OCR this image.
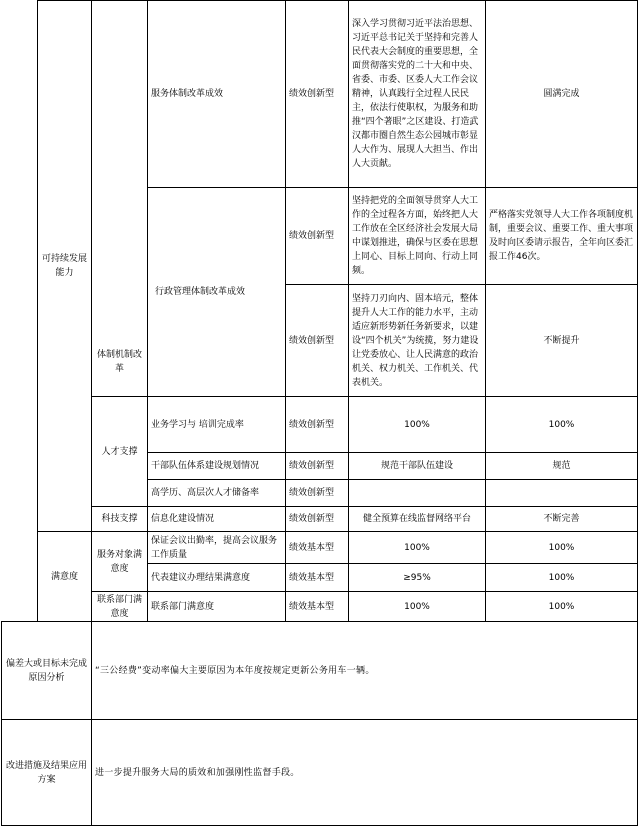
	可持续发展能力	体制机制改革	服务体制改革成效	绩效创新型	深入学习贯彻习近平法治思想、习近平总书记关于坚持和完善人民代表大会制度的重要思想，全面贯彻落实党的二十大和中央、省委、市委、区委人大工作会议精神，认真践行全过程人民民主，依法行使职权，为服务和助推“四个著眼”之区建设、打造武汉都市圈自然生态公园城市彰显人大作为、展现人大担当、作出人大贡献。	圆满完成
			行政管理体制改革成效	绩效创新型	坚持把党的全面领导贯穿人大工作的全过程各方面，始终把人大工作放在全区经济社会发展大局中谋划推进，确保与区委在思想上同心、目标上同向、行动上同频。	严格落实党领导人大工作各项制度机制，重要会议、重要工作、重大事项及时向区委请示报告，全年向区委汇报工作46次。
				绩效创新型	坚持刀刃向内、固本培元，整体提升人大工作的能力水平，主动适应新形势新任务新要求，以建设“四个机关”为统揽，努力建设让党委放心、让人民满意的政治机关、权力机关、工作机关、代表机关。	不断提升
		人才支撑	业务学习与 培训完成率	绩效创新型	100%	100%
			干部队伍体系建设规划情况	绩效创新型	规范干部队伍建设	规范
			高学历、高层次人才储备率	绩效创新型		
		科技支撑	信息化建设情况	绩效创新型	健全预算在线监督网络平台	不断完善
	满意度	服务对象满意度	保证会议出勤率，提高会议服务工作质量	绩效基本型	100%	100%
			代表建议办理结果满意度	绩效基本型	≥95%	100%
		联系部门满意度	联系部门满意度	绩效基本型	100%	100%
偏差大或目标未完成原因分析		“三公经费”变动率偏大主要原因为本年度按规定更新公务用车一辆。				
改进措施及结果应用方案		进一步提升服务大局的质效和加强刚性监督手段。				
